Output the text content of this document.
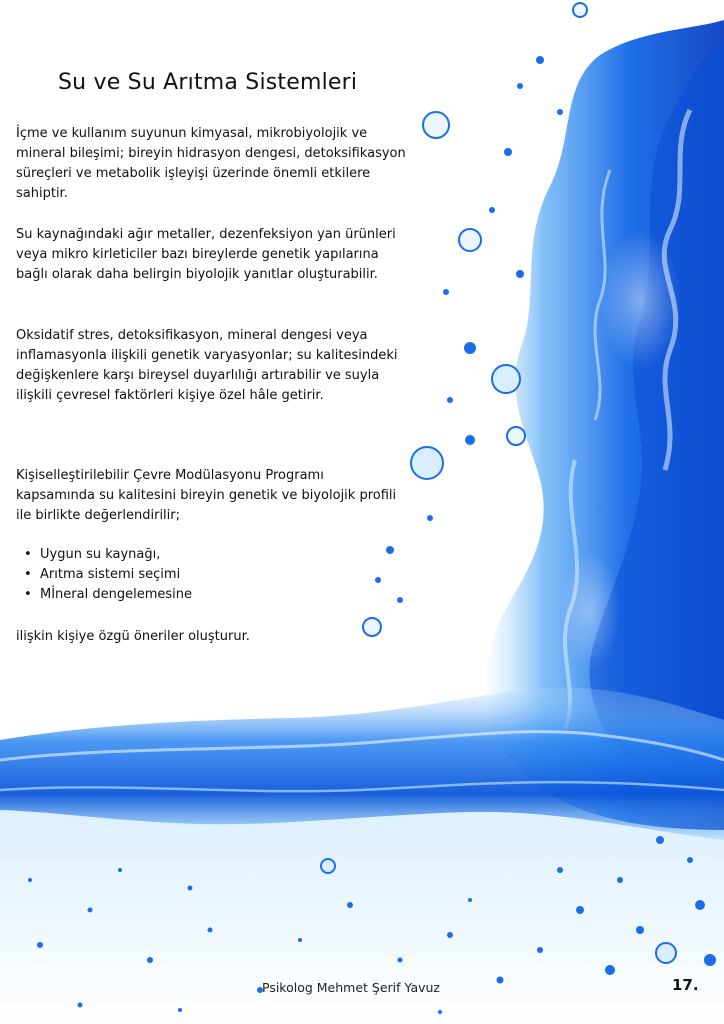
Su ve Su Arıtma Sistemleri

İçme ve kullanım suyunun kimyasal, mikrobiyolojik ve mineral bileşimi; bireyin hidrasyon dengesi, detoksifikasyon süreçleri ve metabolik işleyişi üzerinde önemli etkilere sahiptir.

Su kaynağındaki ağır metaller, dezenfeksiyon yan ürünleri veya mikro kirleticiler bazı bireylerde genetik yapılarına bağlı olarak daha belirgin biyolojik yanıtlar oluşturabilir.

Oksidatif stres, detoksifikasyon, mineral dengesi veya inflamasyonla ilişkili genetik varyasyonlar; su kalitesindeki değişkenlere karşı bireysel duyarlılığı artırabilir ve suyla ilişkili çevresel faktörleri kişiye özel hâle getirir.

Kişiselleştirilebilir Çevre Modülasyonu Programı kapsamında su kalitesini bireyin genetik ve biyolojik profili ile birlikte değerlendirilir;

• Uygun su kaynağı,
• Arıtma sistemi seçimi
• Mİneral dengelemesine

ilişkin kişiye özgü öneriler oluşturur.

Psikolog Mehmet Şerif Yavuz	17.
